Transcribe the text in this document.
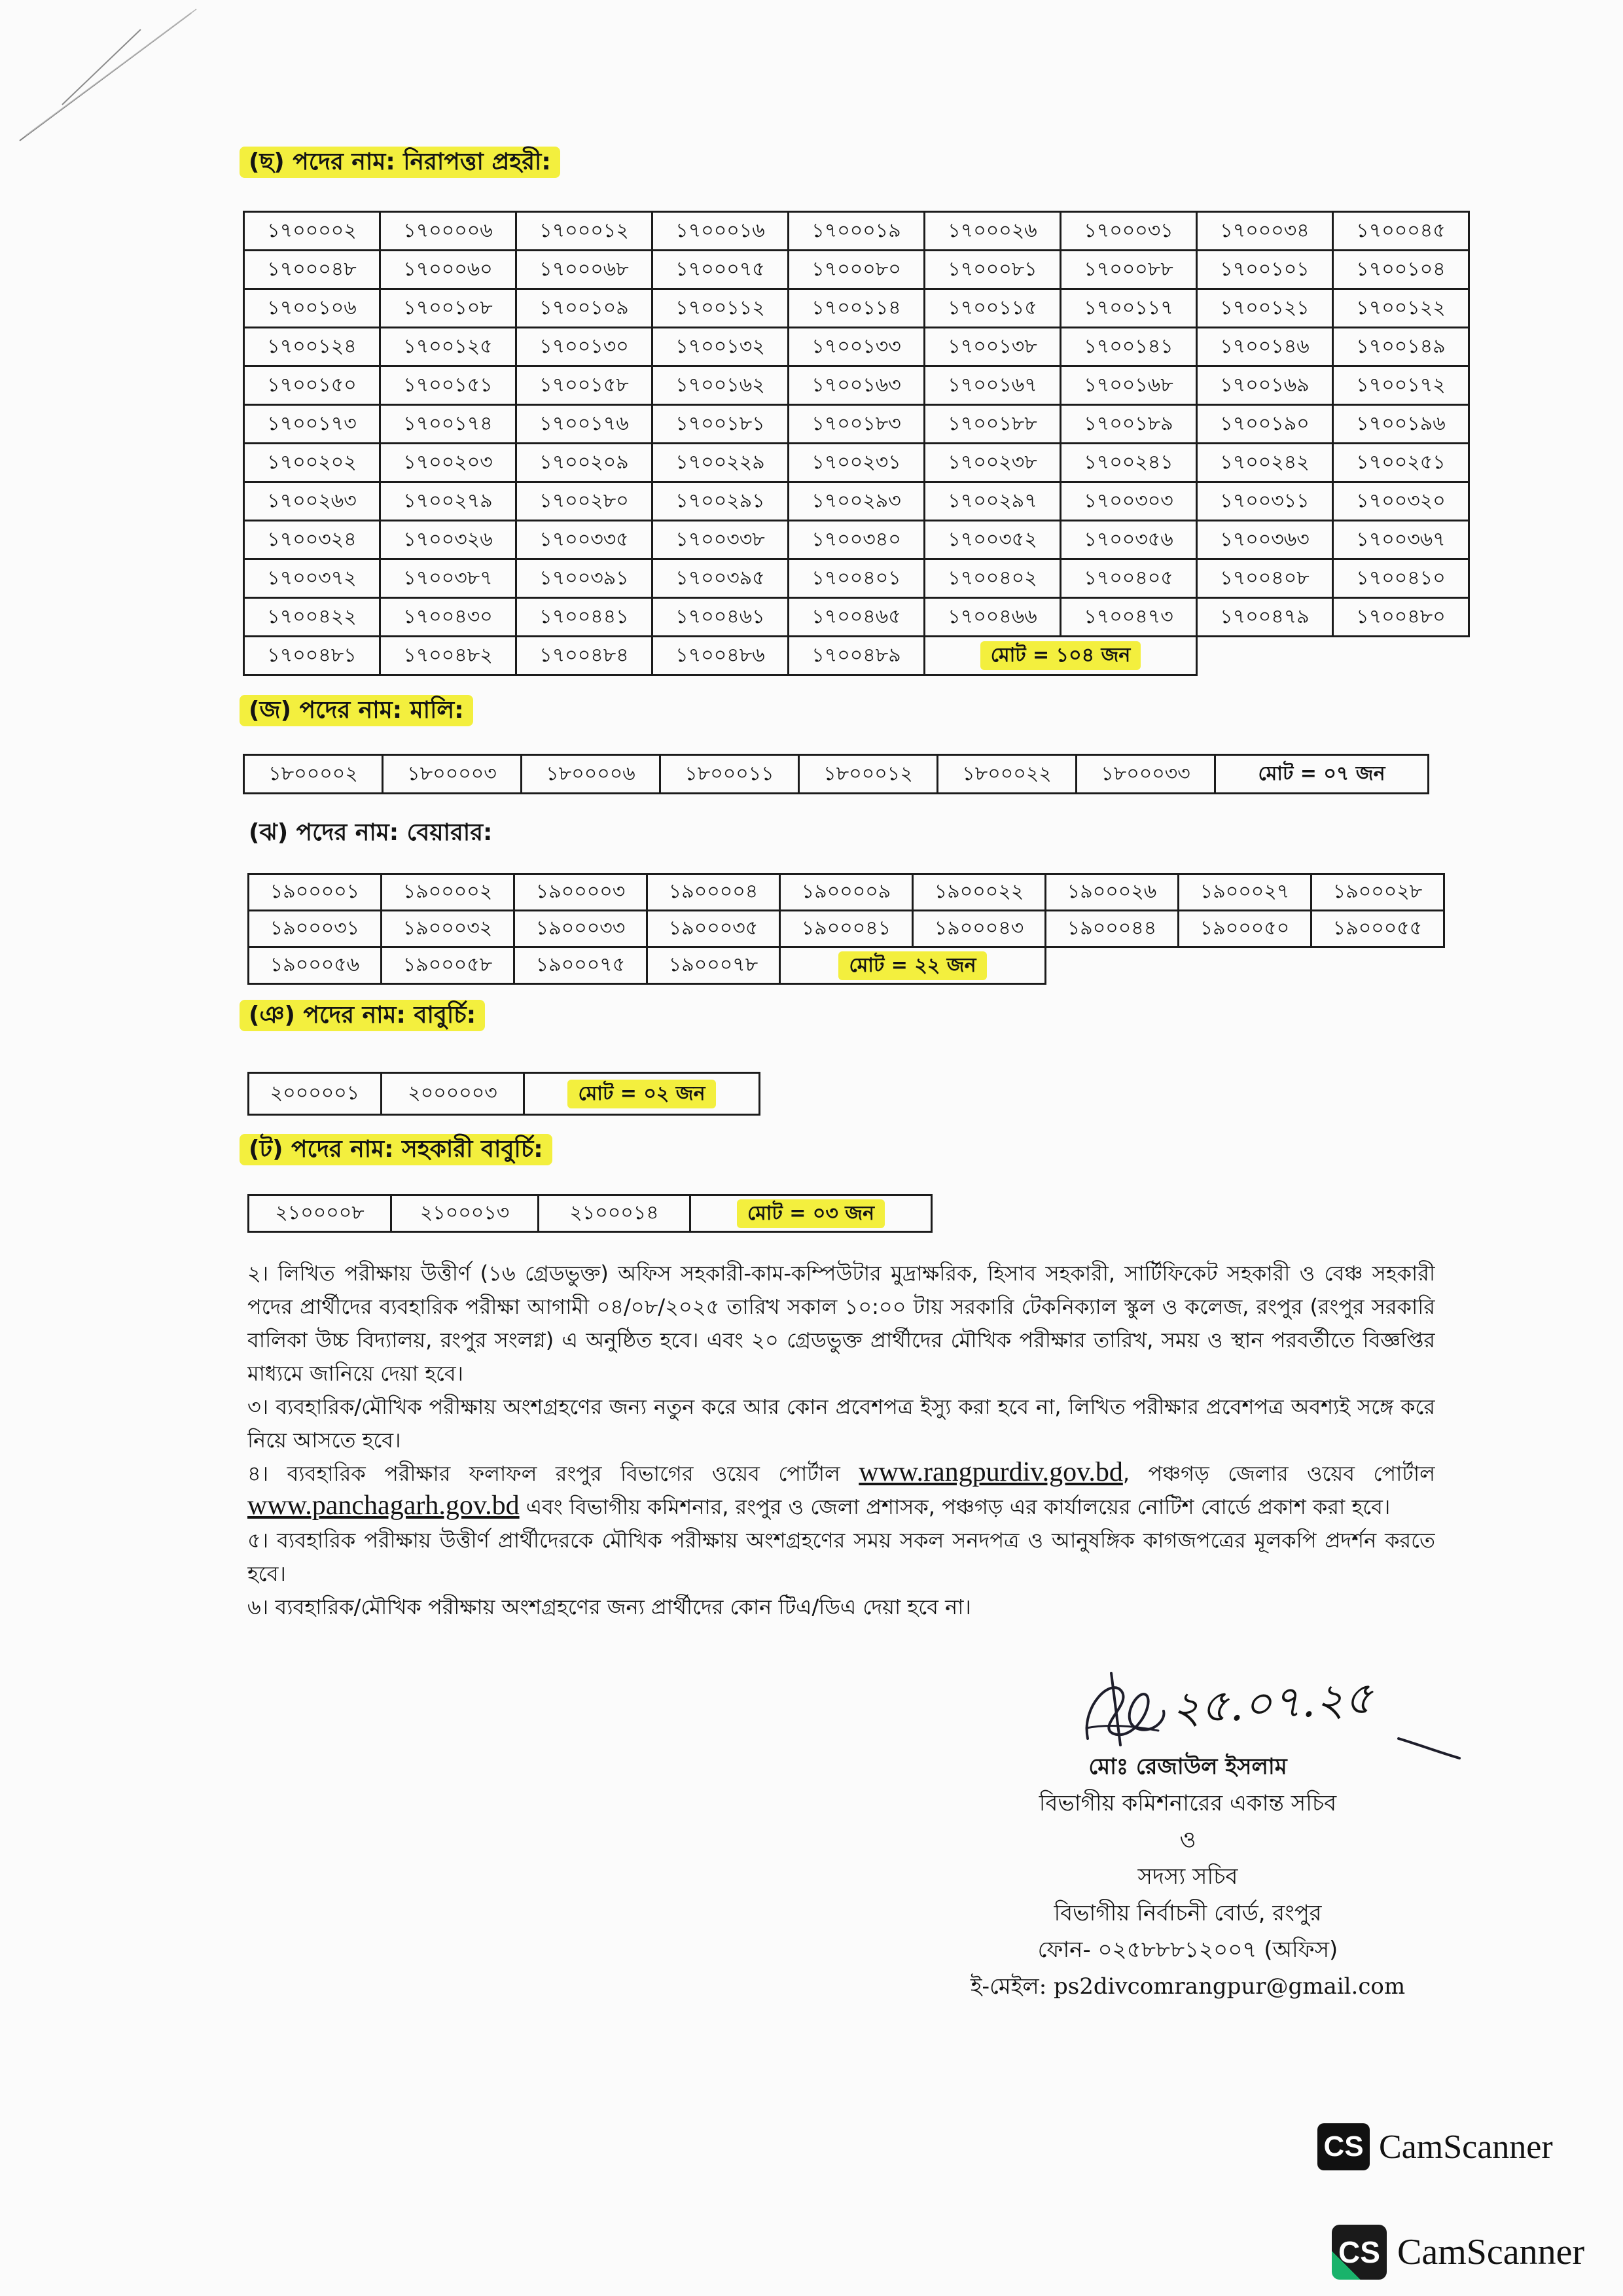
(ছ) পদের নাম: নিরাপত্তা প্রহরী:
১৭০০০০২	১৭০০০০৬	১৭০০০১২	১৭০০০১৬	১৭০০০১৯	১৭০০০২৬	১৭০০০৩১	১৭০০০৩৪	১৭০০০৪৫
১৭০০০৪৮	১৭০০০৬০	১৭০০০৬৮	১৭০০০৭৫	১৭০০০৮০	১৭০০০৮১	১৭০০০৮৮	১৭০০১০১	১৭০০১০৪
১৭০০১০৬	১৭০০১০৮	১৭০০১০৯	১৭০০১১২	১৭০০১১৪	১৭০০১১৫	১৭০০১১৭	১৭০০১২১	১৭০০১২২
১৭০০১২৪	১৭০০১২৫	১৭০০১৩০	১৭০০১৩২	১৭০০১৩৩	১৭০০১৩৮	১৭০০১৪১	১৭০০১৪৬	১৭০০১৪৯
১৭০০১৫০	১৭০০১৫১	১৭০০১৫৮	১৭০০১৬২	১৭০০১৬৩	১৭০০১৬৭	১৭০০১৬৮	১৭০০১৬৯	১৭০০১৭২
১৭০০১৭৩	১৭০০১৭৪	১৭০০১৭৬	১৭০০১৮১	১৭০০১৮৩	১৭০০১৮৮	১৭০০১৮৯	১৭০০১৯০	১৭০০১৯৬
১৭০০২০২	১৭০০২০৩	১৭০০২০৯	১৭০০২২৯	১৭০০২৩১	১৭০০২৩৮	১৭০০২৪১	১৭০০২৪২	১৭০০২৫১
১৭০০২৬৩	১৭০০২৭৯	১৭০০২৮০	১৭০০২৯১	১৭০০২৯৩	১৭০০২৯৭	১৭০০৩০৩	১৭০০৩১১	১৭০০৩২০
১৭০০৩২৪	১৭০০৩২৬	১৭০০৩৩৫	১৭০০৩৩৮	১৭০০৩৪০	১৭০০৩৫২	১৭০০৩৫৬	১৭০০৩৬৩	১৭০০৩৬৭
১৭০০৩৭২	১৭০০৩৮৭	১৭০০৩৯১	১৭০০৩৯৫	১৭০০৪০১	১৭০০৪০২	১৭০০৪০৫	১৭০০৪০৮	১৭০০৪১০
১৭০০৪২২	১৭০০৪৩০	১৭০০৪৪১	১৭০০৪৬১	১৭০০৪৬৫	১৭০০৪৬৬	১৭০০৪৭৩	১৭০০৪৭৯	১৭০০৪৮০
১৭০০৪৮১	১৭০০৪৮২	১৭০০৪৮৪	১৭০০৪৮৬	১৭০০৪৮৯	মোট = ১০৪ জন			
(জ) পদের নাম: মালি:
১৮০০০০২	১৮০০০০৩	১৮০০০০৬	১৮০০০১১	১৮০০০১২	১৮০০০২২	১৮০০০৩৩	মোট = ০৭ জন
(ঝ) পদের নাম: বেয়ারার:
১৯০০০০১	১৯০০০০২	১৯০০০০৩	১৯০০০০৪	১৯০০০০৯	১৯০০০২২	১৯০০০২৬	১৯০০০২৭	১৯০০০২৮
১৯০০০৩১	১৯০০০৩২	১৯০০০৩৩	১৯০০০৩৫	১৯০০০৪১	১৯০০০৪৩	১৯০০০৪৪	১৯০০০৫০	১৯০০০৫৫
১৯০০০৫৬	১৯০০০৫৮	১৯০০০৭৫	১৯০০০৭৮	মোট = ২২ জন				
(ঞ) পদের নাম: বাবুর্চি:
২০০০০০১	২০০০০০৩	মোট = ০২ জন
(ট) পদের নাম: সহকারী বাবুর্চি:
২১০০০০৮	২১০০০১৩	২১০০০১৪	মোট = ০৩ জন

২। লিখিত পরীক্ষায় উত্তীর্ণ (১৬ গ্রেডভুক্ত) অফিস সহকারী-কাম-কম্পিউটার মুদ্রাক্ষরিক, হিসাব সহকারী, সার্টিফিকেট সহকারী ও বেঞ্চ সহকারী পদের প্রার্থীদের ব্যবহারিক পরীক্ষা আগামী ০৪/০৮/২০২৫ তারিখ সকাল ১০:০০ টায় সরকারি টেকনিক্যাল স্কুল ও কলেজ, রংপুর (রংপুর সরকারি বালিকা উচ্চ বিদ্যালয়, রংপুর সংলগ্ন) এ অনুষ্ঠিত হবে। এবং ২০ গ্রেডভুক্ত প্রার্থীদের মৌখিক পরীক্ষার তারিখ, সময় ও স্থান পরবর্তীতে বিজ্ঞপ্তির মাধ্যমে জানিয়ে দেয়া হবে।

৩। ব্যবহারিক/মৌখিক পরীক্ষায় অংশগ্রহণের জন্য নতুন করে আর কোন প্রবেশপত্র ইস্যু করা হবে না, লিখিত পরীক্ষার প্রবেশপত্র অবশ্যই সঙ্গে করে নিয়ে আসতে হবে।

৪। ব্যবহারিক পরীক্ষার ফলাফল রংপুর বিভাগের ওয়েব পোর্টাল www.rangpurdiv.gov.bd, পঞ্চগড় জেলার ওয়েব পোর্টাল www.panchagarh.gov.bd এবং বিভাগীয় কমিশনার, রংপুর ও জেলা প্রশাসক, পঞ্চগড় এর কার্যালয়ের নোটিশ বোর্ডে প্রকাশ করা হবে।

৫। ব্যবহারিক পরীক্ষায় উত্তীর্ণ প্রার্থীদেরকে মৌখিক পরীক্ষায় অংশগ্রহণের সময় সকল সনদপত্র ও আনুষঙ্গিক কাগজপত্রের মূলকপি প্রদর্শন করতে হবে।

৬। ব্যবহারিক/মৌখিক পরীক্ষায় অংশগ্রহণের জন্য প্রার্থীদের কোন টিএ/ডিএ দেয়া হবে না।

২৫.০৭.২৫
মোঃ রেজাউল ইসলাম
বিভাগীয় কমিশনারের একান্ত সচিব
ও
সদস্য সচিব
বিভাগীয় নির্বাচনী বোর্ড, রংপুর
ফোন- ০২৫৮৮৮১২০০৭ (অফিস)
ই-মেইল: ps2divcomrangpur@gmail.com
CS CamScanner
CS CamScanner
